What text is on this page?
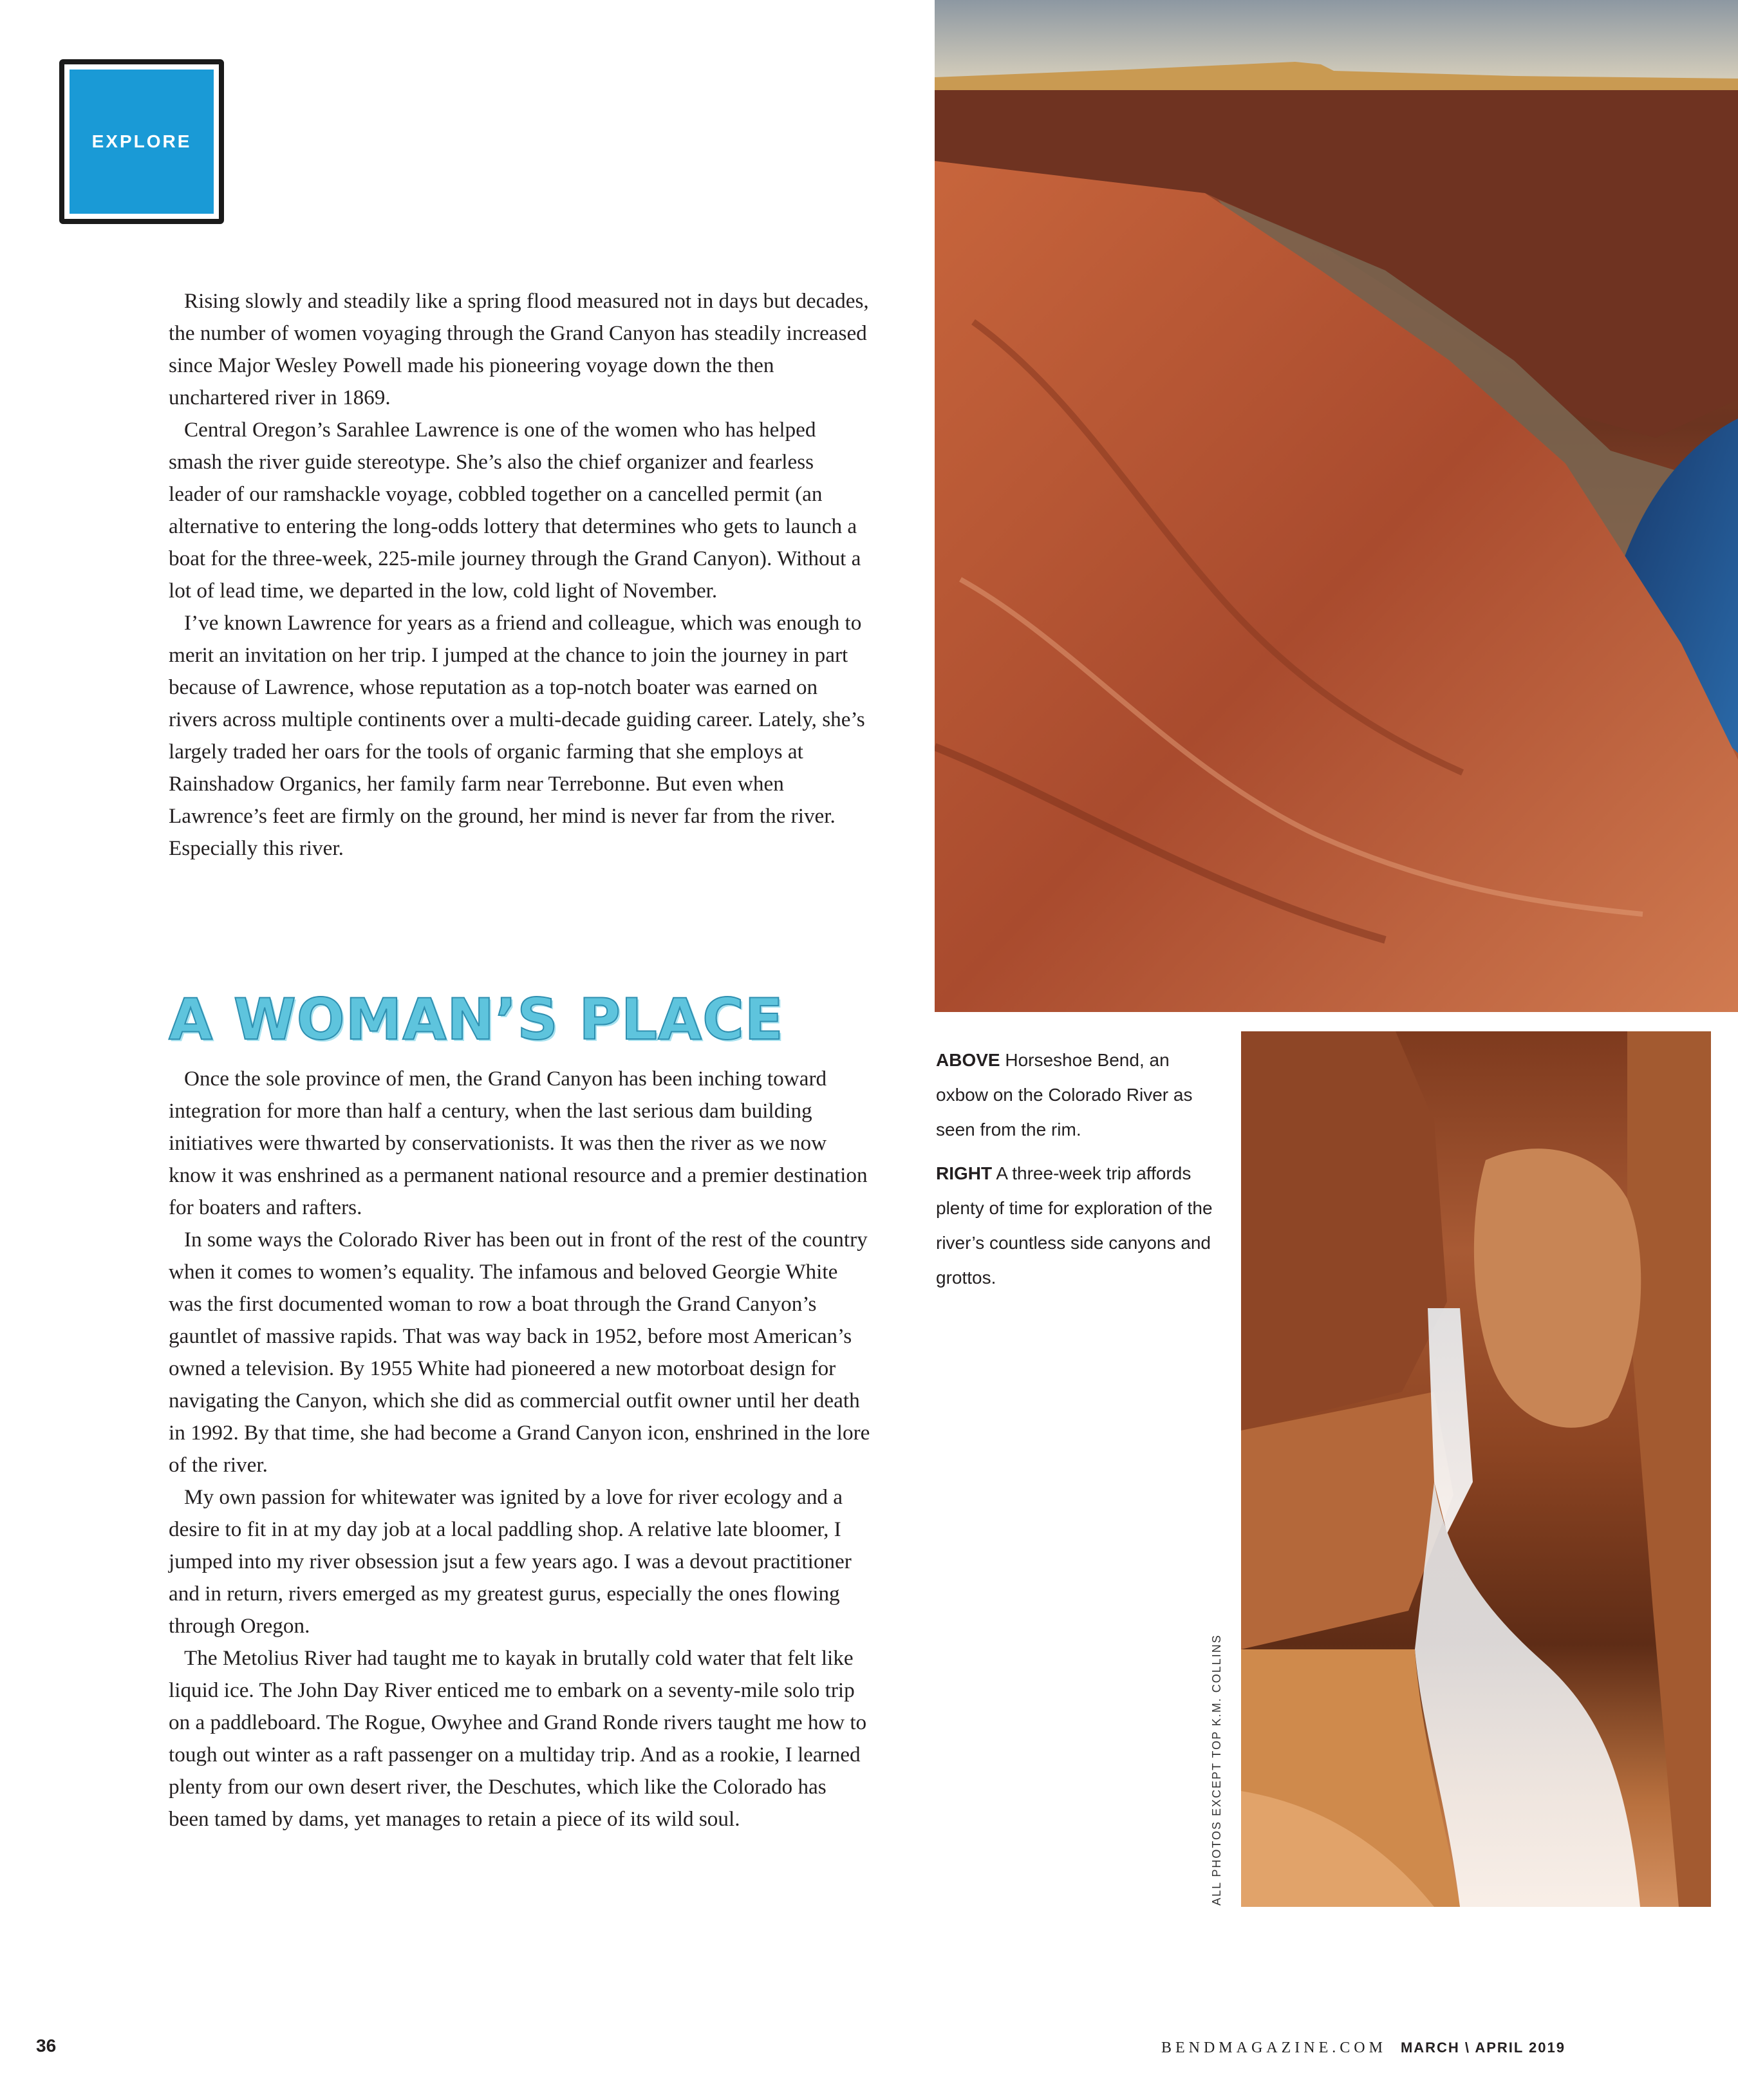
EXPLORE

Rising slowly and steadily like a spring flood measured not in days but decades, the number of women voyaging through the Grand Canyon has steadily increased since Major Wesley Powell made his pioneering voyage down the then unchartered river in 1869.

Central Oregon’s Sarahlee Lawrence is one of the women who has helped smash the river guide stereotype. She’s also the chief organizer and fearless leader of our ramshackle voyage, cobbled together on a cancelled permit (an alternative to entering the long-odds lottery that determines who gets to launch a boat for the three-week, 225-mile journey through the Grand Canyon). Without a lot of lead time, we departed in the low, cold light of November.

I’ve known Lawrence for years as a friend and colleague, which was enough to merit an invitation on her trip. I jumped at the chance to join the journey in part because of Lawrence, whose reputation as a top-notch boater was earned on rivers across multiple continents over a multi-decade guiding career. Lately, she’s largely traded her oars for the tools of organic farming that she employs at Rainshadow Organics, her family farm near Terrebonne. But even when Lawrence’s feet are firmly on the ground, her mind is never far from the river. Especially this river.

A WOMAN’S PLACE

Once the sole province of men, the Grand Canyon has been inching toward integration for more than half a century, when the last serious dam building initiatives were thwarted by conservationists. It was then the river as we now know it was enshrined as a permanent national resource and a premier destination for boaters and rafters.

In some ways the Colorado River has been out in front of the rest of the country when it comes to women’s equality. The infamous and beloved Georgie White was the first documented woman to row a boat through the Grand Canyon’s gauntlet of massive rapids. That was way back in 1952, before most American’s owned a television. By 1955 White had pioneered a new motorboat design for navigating the Canyon, which she did as commercial outfit owner until her death in 1992. By that time, she had become a Grand Canyon icon, enshrined in the lore of the river.

My own passion for whitewater was ignited by a love for river ecology and a desire to fit in at my day job at a local paddling shop. A relative late bloomer, I jumped into my river obsession jsut a few years ago. I was a devout practitioner and in return, rivers emerged as my greatest gurus, especially the ones flowing through Oregon.

The Metolius River had taught me to kayak in brutally cold water that felt like liquid ice. The John Day River enticed me to embark on a seventy-mile solo trip on a paddleboard. The Rogue, Owyhee and Grand Ronde rivers taught me how to tough out winter as a raft passenger on a multiday trip. And as a rookie, I learned plenty from our own desert river, the Deschutes, which like the Colorado has been tamed by dams, yet manages to retain a piece of its wild soul.

ABOVE Horseshoe Bend, an oxbow on the Colorado River as seen from the rim.

RIGHT A three-week trip affords plenty of time for exploration of the river’s countless side canyons and grottos.

ALL PHOTOS EXCEPT TOP K.M. COLLINS
36	BENDMAGAZINE.COM MARCH \ APRIL 2019
